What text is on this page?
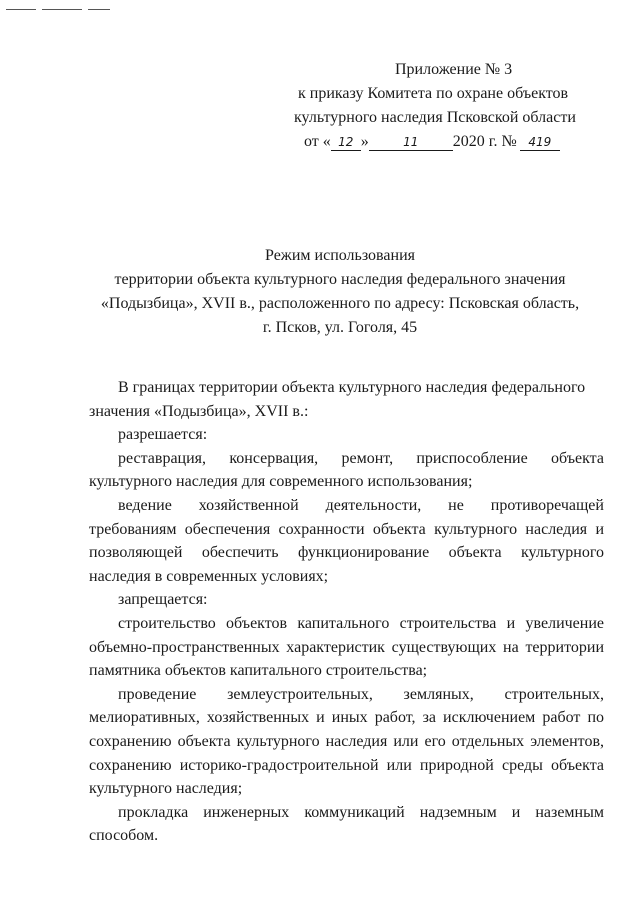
Приложение № 3
к приказу Комитета по охране объектов
культурного наследия Псковской области
от « 12 »	11 2020 г. № 419
Режим использования
территории объекта культурного наследия федерального значения
«Подызбица», XVII в., расположенного по адресу: Псковская область,
г. Псков, ул. Гоголя, 45

В границах территории объекта культурного наследия федерального
значения «Подызбица», XVII в.:

разрешается:

реставрация, консервация, ремонт, приспособление объекта

культурного наследия для современного использования;

ведение хозяйственной деятельности, не противоречащей

требованиям обеспечения сохранности объекта культурного наследия и позволяющей обеспечить функционирование объекта культурного наследия в современных условиях;

запрещается:

строительство объектов капитального строительства и увеличение объемно-пространственных характеристик существующих на территории памятника объектов капитального строительства;

проведение землеустроительных, земляных, строительных,

мелиоративных, хозяйственных и иных работ, за исключением работ по сохранению объекта культурного наследия или его отдельных элементов, сохранению историко-градостроительной или природной среды объекта культурного наследия;

прокладка инженерных коммуникаций надземным и наземным способом.
